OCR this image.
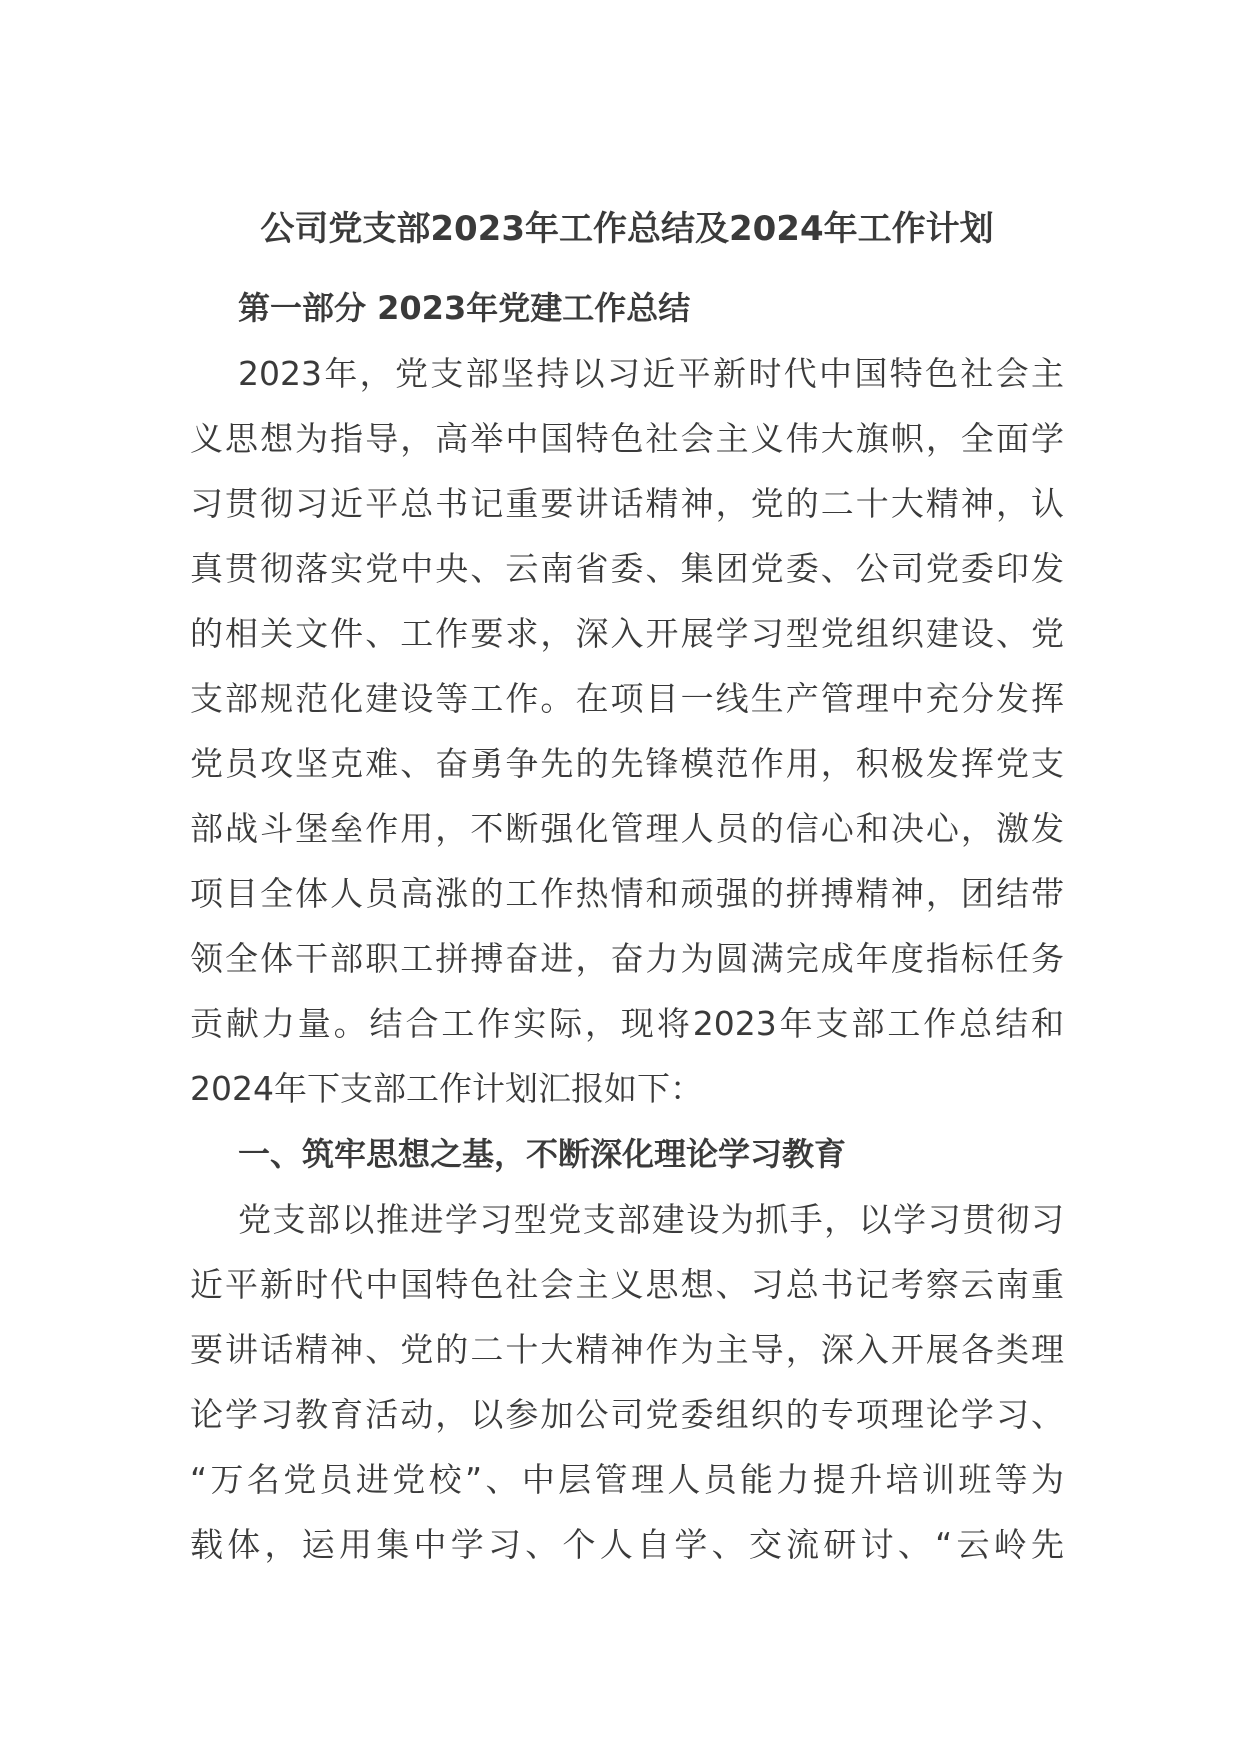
公司党支部2023年工作总结及2024年工作计划
第一部分 2023年党建工作总结
2023年，党支部坚持以习近平新时代中国特色社会主
义思想为指导，高举中国特色社会主义伟大旗帜，全面学
习贯彻习近平总书记重要讲话精神，党的二十大精神，认
真贯彻落实党中央、云南省委、集团党委、公司党委印发
的相关文件、工作要求，深入开展学习型党组织建设、党
支部规范化建设等工作。在项目一线生产管理中充分发挥
党员攻坚克难、奋勇争先的先锋模范作用，积极发挥党支
部战斗堡垒作用，不断强化管理人员的信心和决心，激发
项目全体人员高涨的工作热情和顽强的拼搏精神，团结带
领全体干部职工拼搏奋进，奋力为圆满完成年度指标任务
贡献力量。结合工作实际，现将2023年支部工作总结和
2024年下支部工作计划汇报如下：
一、筑牢思想之基，不断深化理论学习教育
党支部以推进学习型党支部建设为抓手，以学习贯彻习
近平新时代中国特色社会主义思想、习总书记考察云南重
要讲话精神、党的二十大精神作为主导，深入开展各类理
论学习教育活动，以参加公司党委组织的专项理论学习、
“万名党员进党校”、中层管理人员能力提升培训班等为
载体，运用集中学习、个人自学、交流研讨、“云岭先
